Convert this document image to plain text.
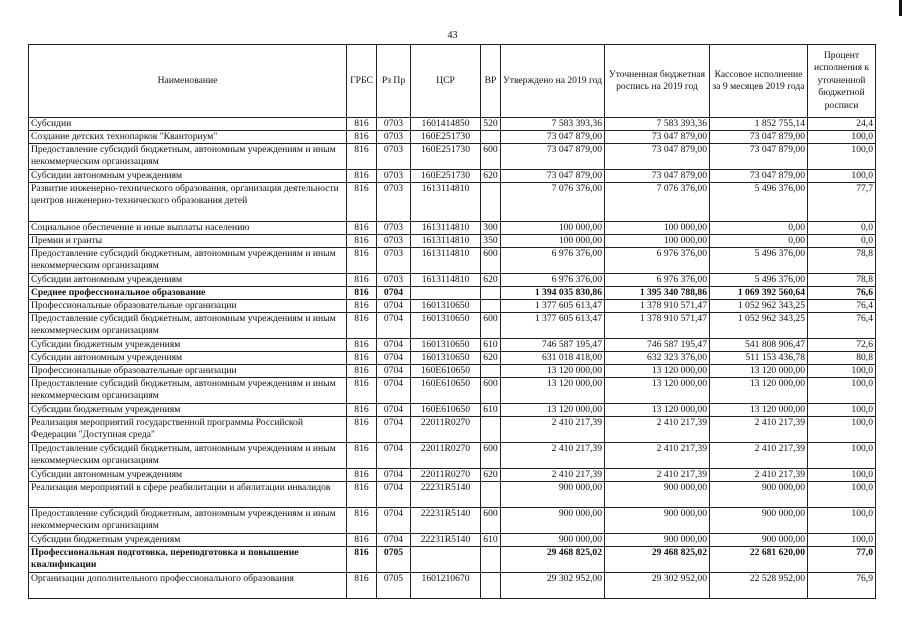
43
Наименование	ГРБС	Рз Пр	ЦСР	ВР	Утверждено на 2019 год	Уточненная бюджетная роспись на 2019 год	Кассовое исполнение за 9 месяцев 2019 года	Процент исполнения к уточненной бюджетной росписи
Субсидии	816	0703	1601414850	520	7 583 393,36	7 583 393,36	1 852 755,14	24,4
Создание детских технопарков "Кванториум"	816	0703	160E251730		73 047 879,00	73 047 879,00	73 047 879,00	100,0
Предоставление субсидий бюджетным, автономным учреждениям и иным некоммерческим организациям	816	0703	160E251730	600	73 047 879,00	73 047 879,00	73 047 879,00	100,0
Субсидии автономным учреждениям	816	0703	160E251730	620	73 047 879,00	73 047 879,00	73 047 879,00	100,0
Развитие инженерно-технического образования, организация деятельности центров инженерно-технического образования детей	816	0703	1613114810		7 076 376,00	7 076 376,00	5 496 376,00	77,7
Социальное обеспечение и иные выплаты населению	816	0703	1613114810	300	100 000,00	100 000,00	0,00	0,0
Премии и гранты	816	0703	1613114810	350	100 000,00	100 000,00	0,00	0,0
Предоставление субсидий бюджетным, автономным учреждениям и иным некоммерческим организациям	816	0703	1613114810	600	6 976 376,00	6 976 376,00	5 496 376,00	78,8
Субсидии автономным учреждениям	816	0703	1613114810	620	6 976 376,00	6 976 376,00	5 496 376,00	78,8
Среднее профессиональное образование	816	0704			1 394 035 830,86	1 395 340 788,86	1 069 392 560,64	76,6
Профессиональные образовательные организации	816	0704	1601310650		1 377 605 613,47	1 378 910 571,47	1 052 962 343,25	76,4
Предоставление субсидий бюджетным, автономным учреждениям и иным некоммерческим организациям	816	0704	1601310650	600	1 377 605 613,47	1 378 910 571,47	1 052 962 343,25	76,4
Субсидии бюджетным учреждениям	816	0704	1601310650	610	746 587 195,47	746 587 195,47	541 808 906,47	72,6
Субсидии автономным учреждениям	816	0704	1601310650	620	631 018 418,00	632 323 376,00	511 153 436,78	80,8
Профессиональные образовательные организации	816	0704	160E610650		13 120 000,00	13 120 000,00	13 120 000,00	100,0
Предоставление субсидий бюджетным, автономным учреждениям и иным некоммерческим организациям	816	0704	160E610650	600	13 120 000,00	13 120 000,00	13 120 000,00	100,0
Субсидии бюджетным учреждениям	816	0704	160E610650	610	13 120 000,00	13 120 000,00	13 120 000,00	100,0
Реализация мероприятий государственной программы Российской Федерации "Доступная среда"	816	0704	22011R0270		2 410 217,39	2 410 217,39	2 410 217,39	100,0
Предоставление субсидий бюджетным, автономным учреждениям и иным некоммерческим организациям	816	0704	22011R0270	600	2 410 217,39	2 410 217,39	2 410 217,39	100,0
Субсидии автономным учреждениям	816	0704	22011R0270	620	2 410 217,39	2 410 217,39	2 410 217,39	100,0
Реализация мероприятий в сфере реабилитации и абилитации инвалидов	816	0704	22231R5140		900 000,00	900 000,00	900 000,00	100,0
Предоставление субсидий бюджетным, автономным учреждениям и иным некоммерческим организациям	816	0704	22231R5140	600	900 000,00	900 000,00	900 000,00	100,0
Субсидии бюджетным учреждениям	816	0704	22231R5140	610	900 000,00	900 000,00	900 000,00	100,0
Профессиональная подготовка, переподготовка и повышение квалификации	816	0705			29 468 825,02	29 468 825,02	22 681 620,00	77,0
Организации дополнительного профессионального образования	816	0705	1601210670		29 302 952,00	29 302 952,00	22 528 952,00	76,9
